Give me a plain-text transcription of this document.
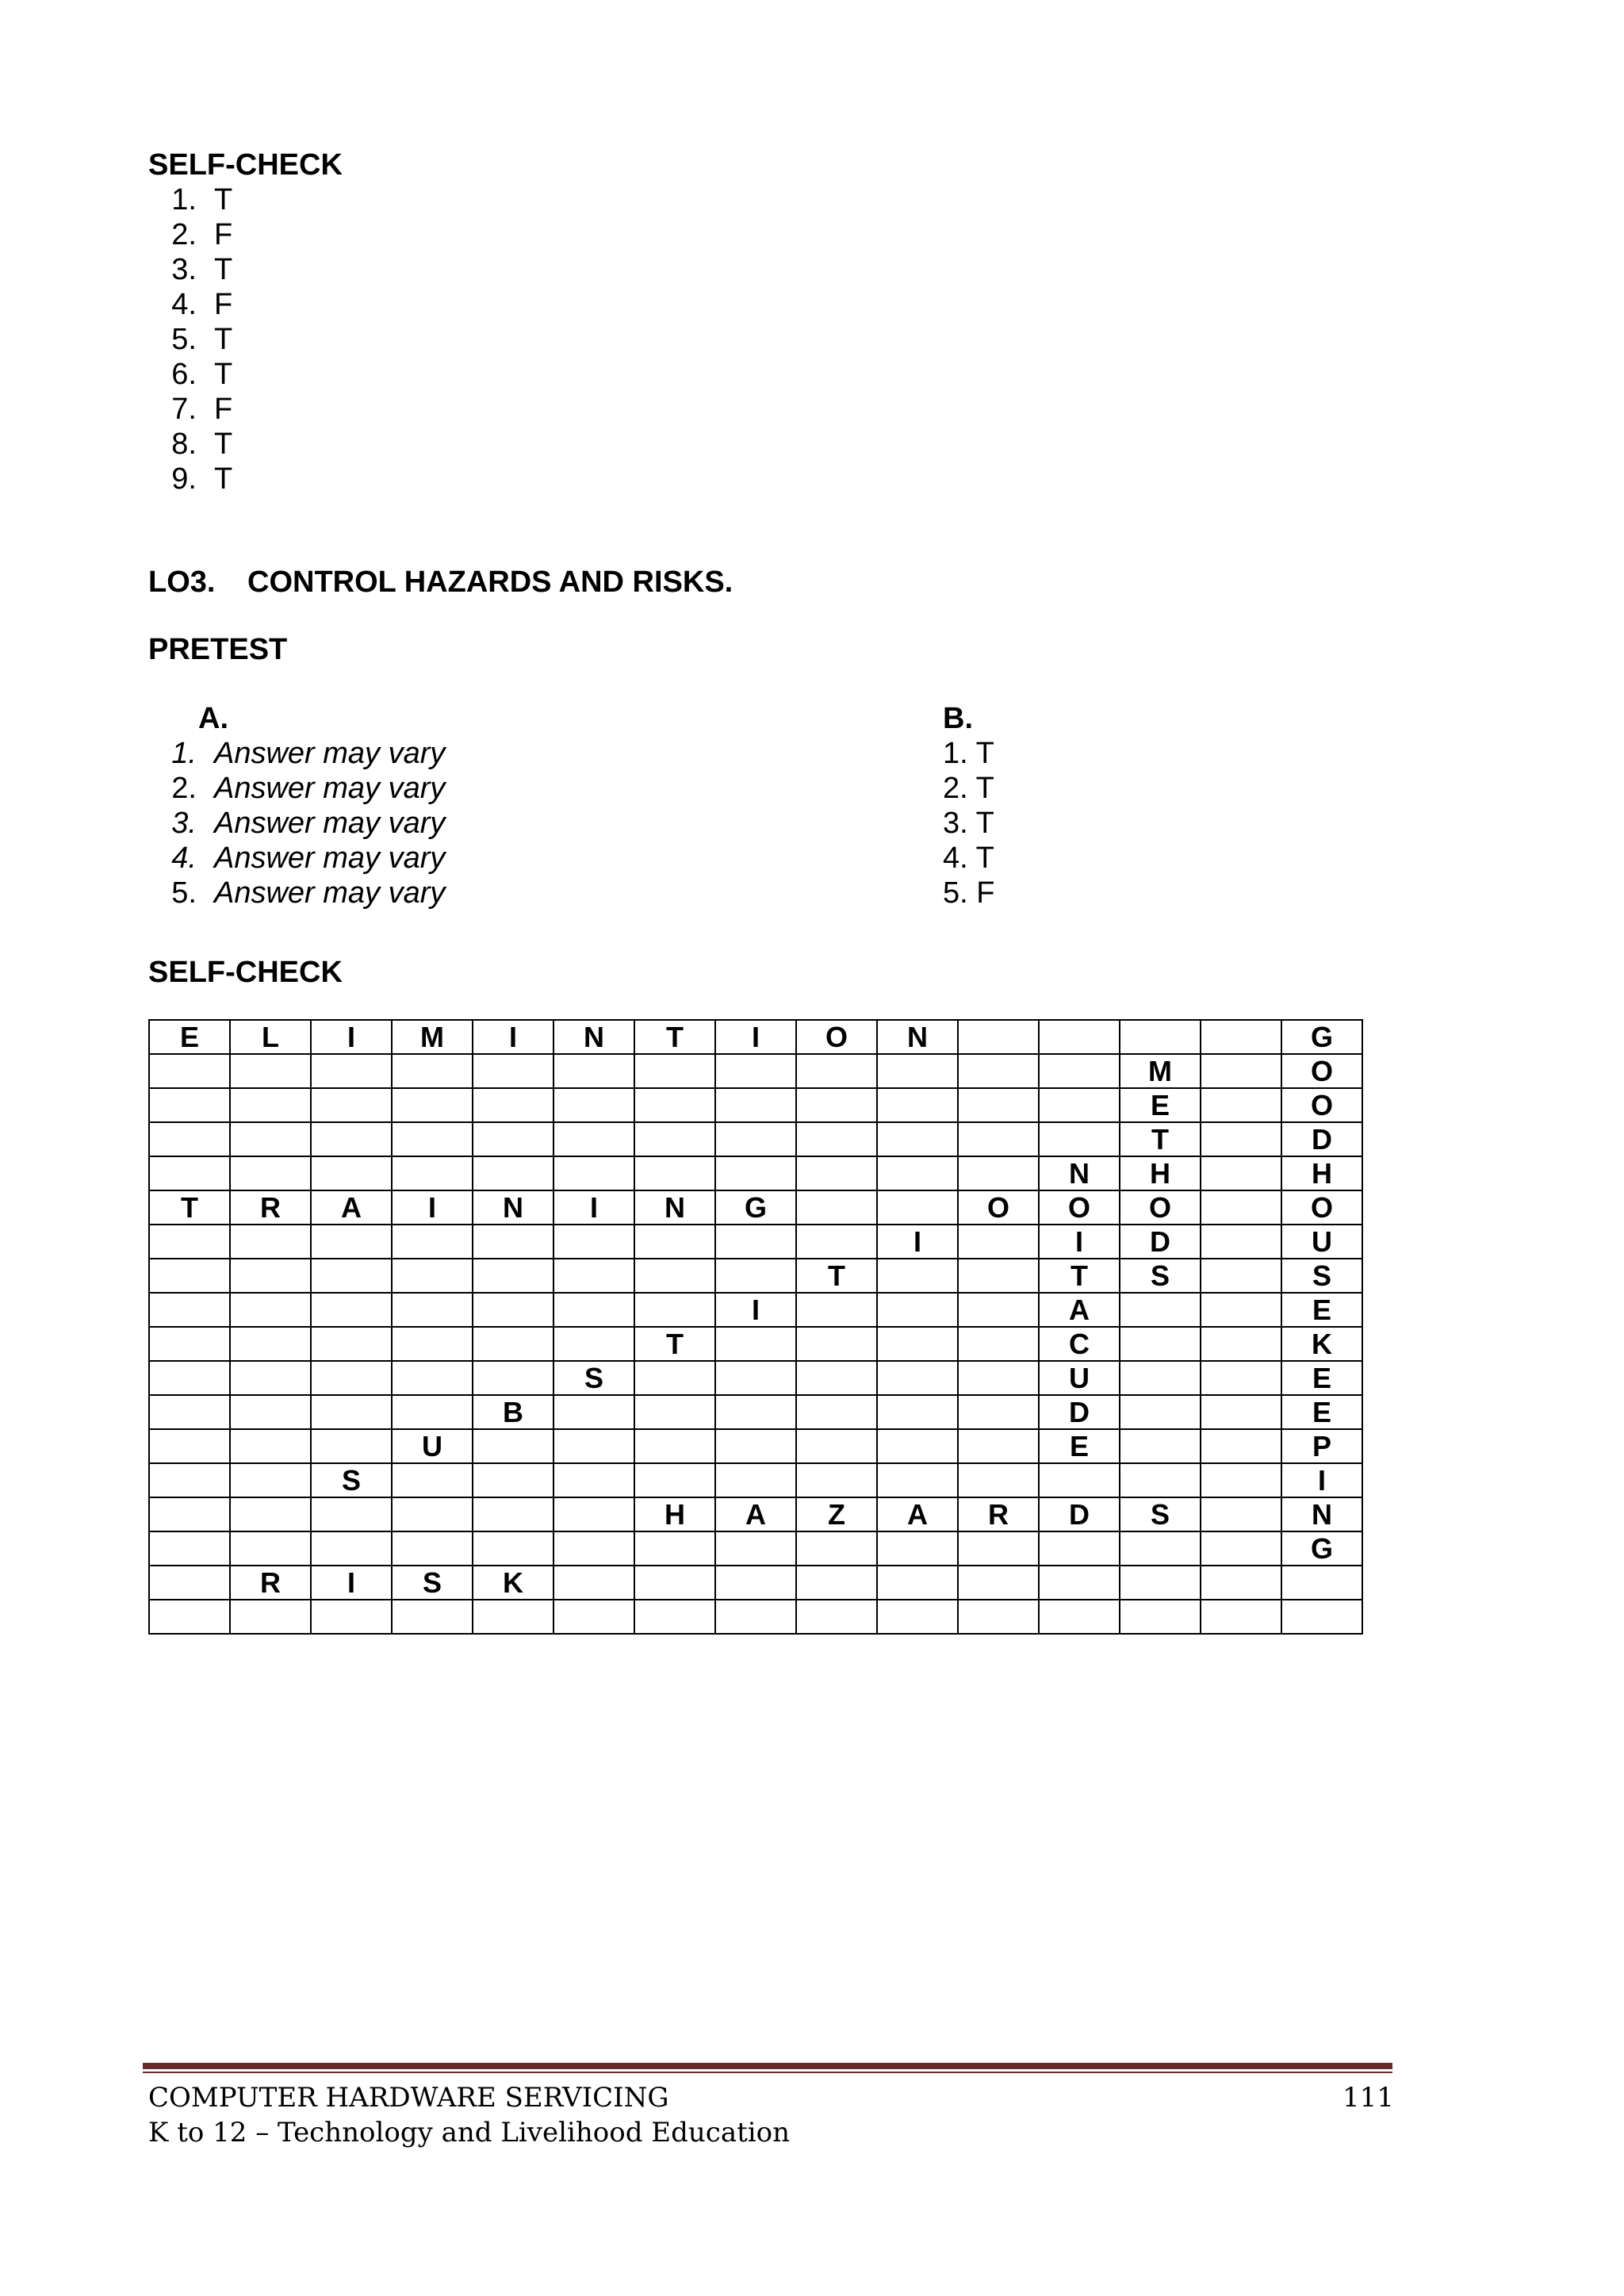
SELF-CHECK
1. T
2. F
3. T
4. F
5. T
6. T
7. F
8. T
9. T
LO3. CONTROL HAZARDS AND RISKS.
PRETEST
A.
1. Answer may vary
2. Answer may vary
3. Answer may vary
4. Answer may vary
5. Answer may vary
B.
1. T
2. T
3. T
4. T
5. F
SELF-CHECK
E	L	I	M	I	N	T	I	O	N					G
												M		O
												E		O
												T		D
											N	H		H
T	R	A	I	N	I	N	G			O	O	O		O
									I		I	D		U
								T			T	S		S
							I				A			E
						T					C			K
					S						U			E
				B							D			E
			U								E			P
		S												I
						H	A	Z	A	R	D	S		N
														G
	R	I	S	K										

COMPUTER HARDWARE SERVICING	111
K to 12 – Technology and Livelihood Education
